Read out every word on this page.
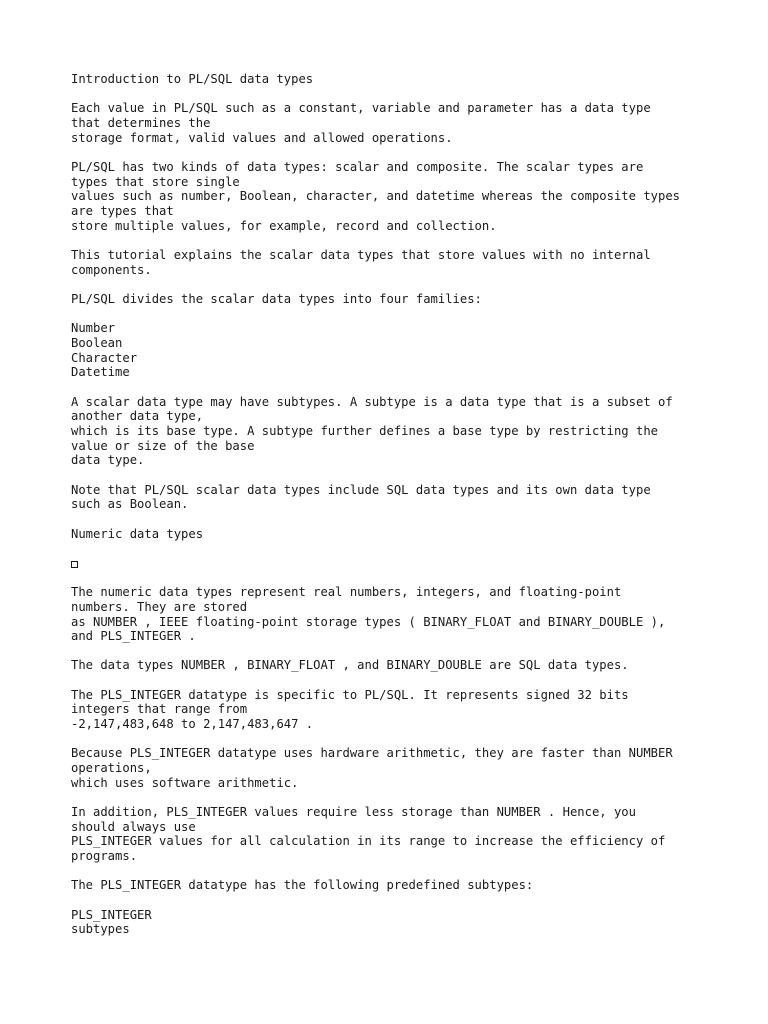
Introduction to PL/SQL data types
Each value in PL/SQL such as a constant, variable and parameter has a data type
that determines the
storage format, valid values and allowed operations.
PL/SQL has two kinds of data types: scalar and composite. The scalar types are
types that store single
values such as number, Boolean, character, and datetime whereas the composite types
are types that
store multiple values, for example, record and collection.
This tutorial explains the scalar data types that store values with no internal
components.
PL/SQL divides the scalar data types into four families:
Number
Boolean
Character
Datetime
A scalar data type may have subtypes. A subtype is a data type that is a subset of
another data type,
which is its base type. A subtype further defines a base type by restricting the
value or size of the base
data type.
Note that PL/SQL scalar data types include SQL data types and its own data type
such as Boolean.
Numeric data types
The numeric data types represent real numbers, integers, and floating-point
numbers. They are stored
as NUMBER , IEEE floating-point storage types ( BINARY_FLOAT and BINARY_DOUBLE ),
and PLS_INTEGER .
The data types NUMBER , BINARY_FLOAT , and BINARY_DOUBLE are SQL data types.
The PLS_INTEGER datatype is specific to PL/SQL. It represents signed 32 bits
integers that range from
-2,147,483,648 to 2,147,483,647 .
Because PLS_INTEGER datatype uses hardware arithmetic, they are faster than NUMBER
operations,
which uses software arithmetic.
In addition, PLS_INTEGER values require less storage than NUMBER . Hence, you
should always use
PLS_INTEGER values for all calculation in its range to increase the efficiency of
programs.
The PLS_INTEGER datatype has the following predefined subtypes:
PLS_INTEGER
subtypes
